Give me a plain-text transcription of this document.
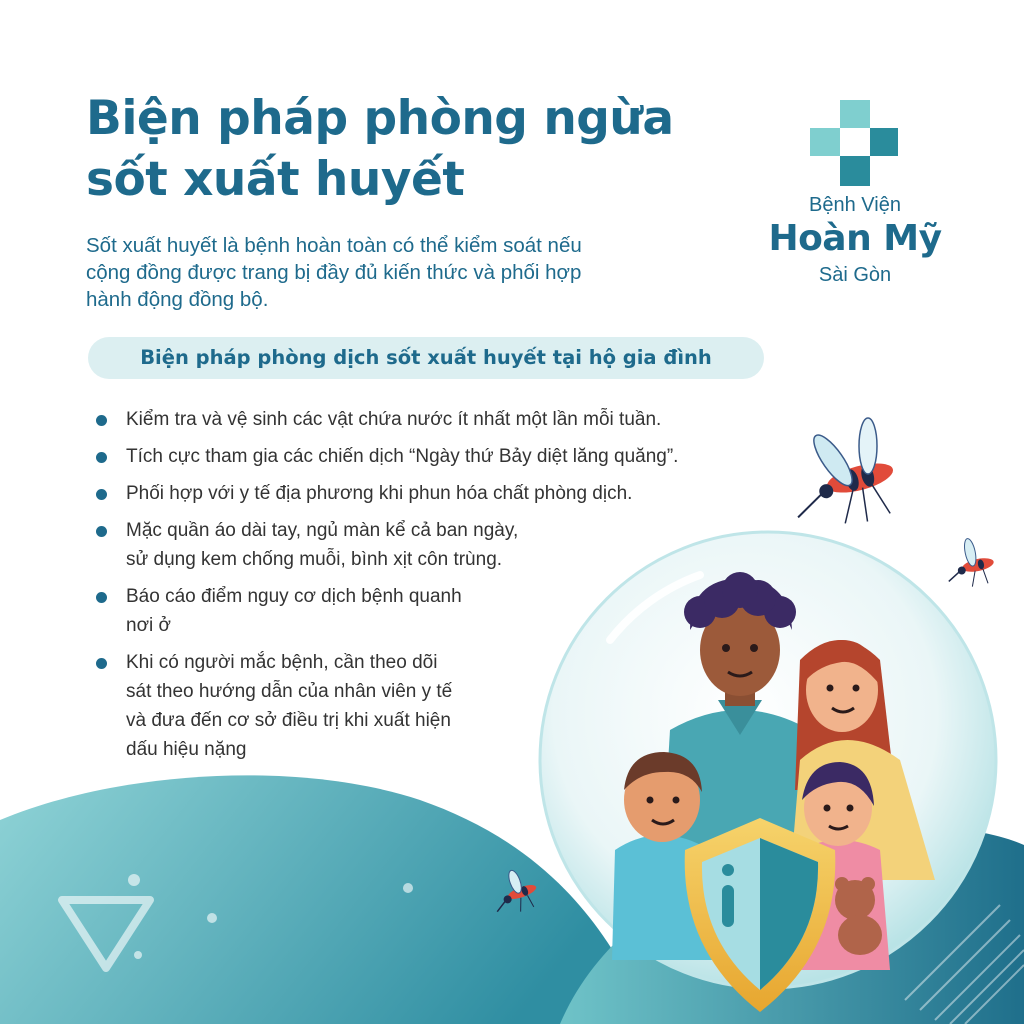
Biện pháp phòng ngừa
sốt xuất huyết

Sốt xuất huyết là bệnh hoàn toàn có thể kiểm soát nếu
cộng đồng được trang bị đầy đủ kiến thức và phối hợp
hành động đồng bộ.

Bệnh Viện
Hoàn Mỹ
Sài Gòn
Biện pháp phòng dịch sốt xuất huyết tại hộ gia đình
Kiểm tra và vệ sinh các vật chứa nước ít nhất một lần mỗi tuần.
Tích cực tham gia các chiến dịch “Ngày thứ Bảy diệt lăng quăng”.
Phối hợp với y tế địa phương khi phun hóa chất phòng dịch.
Mặc quần áo dài tay, ngủ màn kể cả ban ngày,
sử dụng kem chống muỗi, bình xịt côn trùng.
Báo cáo điểm nguy cơ dịch bệnh quanh
nơi ở
Khi có người mắc bệnh, cần theo dõi
sát theo hướng dẫn của nhân viên y tế
và đưa đến cơ sở điều trị khi xuất hiện
dấu hiệu nặng
